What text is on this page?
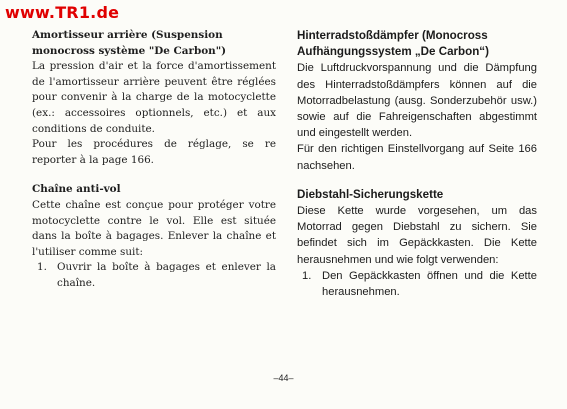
www.TR1.de

Amortisseur arrière (Suspension monocross système "De Carbon")

La pression d'air et la force d'amortissement de l'amortisseur arrière peuvent être réglées pour convenir à la charge de la motocyclette (ex.: accessoires optionnels, etc.) et aux conditions de conduite.

Pour les procédures de réglage, se re reporter à la page 166.

Chaîne anti-vol

Cette chaîne est conçue pour protéger votre motocyclette contre le vol. Elle est située dans la boîte à bagages. Enlever la chaîne et l'utiliser comme suit:

1. Ouvrir la boîte à bagages et enlever la chaîne.

Hinterradstoßdämpfer (Monocross Aufhängungssystem „De Carbon“)

Die Luftdruckvorspannung und die Dämpfung des Hinterradstoßdämpfers können auf die Motorradbelastung (ausg. Sonderzubehör usw.) sowie auf die Fahreigenschaften abgestimmt und eingestellt werden.

Für den richtigen Einstellvorgang auf Seite 166 nachsehen.

Diebstahl-Sicherungskette

Diese Kette wurde vorgesehen, um das Motorrad gegen Diebstahl zu sichern. Sie befindet sich im Gepäckkasten. Die Kette herausnehmen und wie folgt verwenden:

1. Den Gepäckkasten öffnen und die Kette herausnehmen.
–44–
